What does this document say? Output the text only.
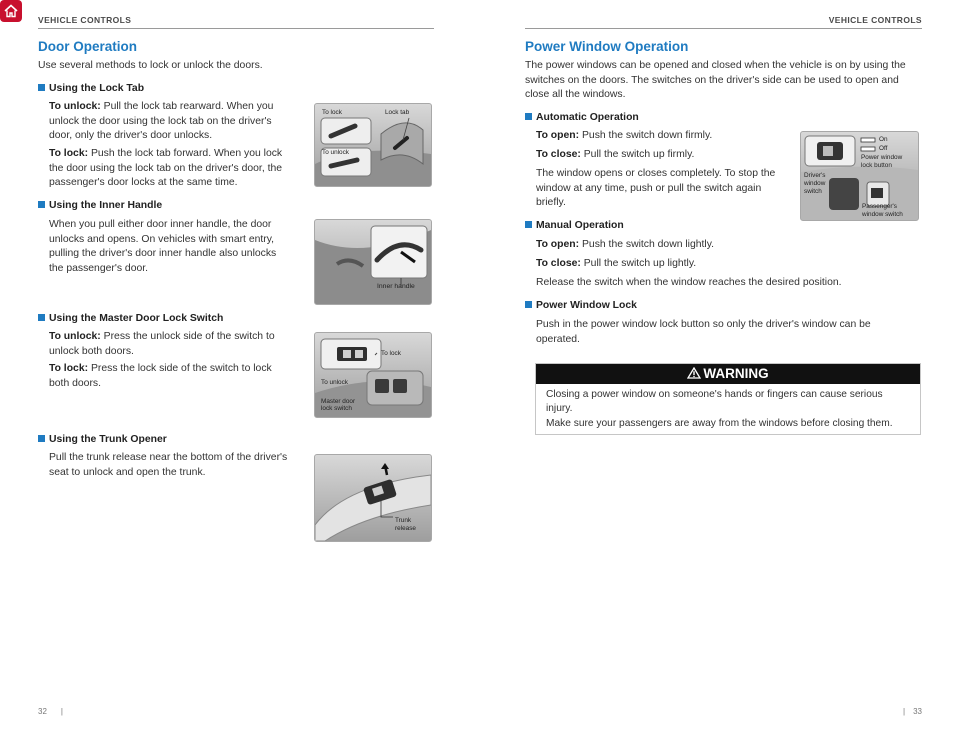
VEHICLE CONTROLS	VEHICLE CONTROLS
Door Operation

Use several methods to lock or unlock the doors.

Using the Lock Tab

To unlock: Pull the lock tab rearward. When you unlock the door using the lock tab on the driver's door, only the driver's door unlocks.

To lock: Push the lock tab forward. When you lock the door using the lock tab on the driver's door, the passenger's door locks at the same time.

To lock	Lock tab
To unlock
Using the Inner Handle

When you pull either door inner handle, the door unlocks and opens. On vehicles with smart entry, pulling the driver's door inner handle also unlocks the passenger's door.

Inner handle
Using the Master Door Lock Switch

To unlock: Press the unlock side of the switch to unlock both doors.

To lock: Press the lock side of the switch to lock both doors.

To lock
To unlock
Master door
lock switch
Using the Trunk Opener

Pull the trunk release near the bottom of the driver's seat to unlock and open the trunk.

Trunk
release
32 |
Power Window Operation

The power windows can be opened and closed when the vehicle is on by using the switches on the doors. The switches on the driver's side can be used to open and close all the windows.

Automatic Operation

To open: Push the switch down firmly.

To close: Pull the switch up firmly.

The window opens or closes completely. To stop the window at any time, push or pull the switch again briefly.

On
Off
Power window
lock button
Driver's
window
switch
Passenger's
window switch
Manual Operation

To open: Push the switch down lightly.

To close: Pull the switch up lightly.

Release the switch when the window reaches the desired position.

Power Window Lock

Push in the power window lock button so only the driver's window can be operated.

WARNING

Closing a power window on someone's hands or fingers can cause serious injury.

Make sure your passengers are away from the windows before closing them.

| 33
